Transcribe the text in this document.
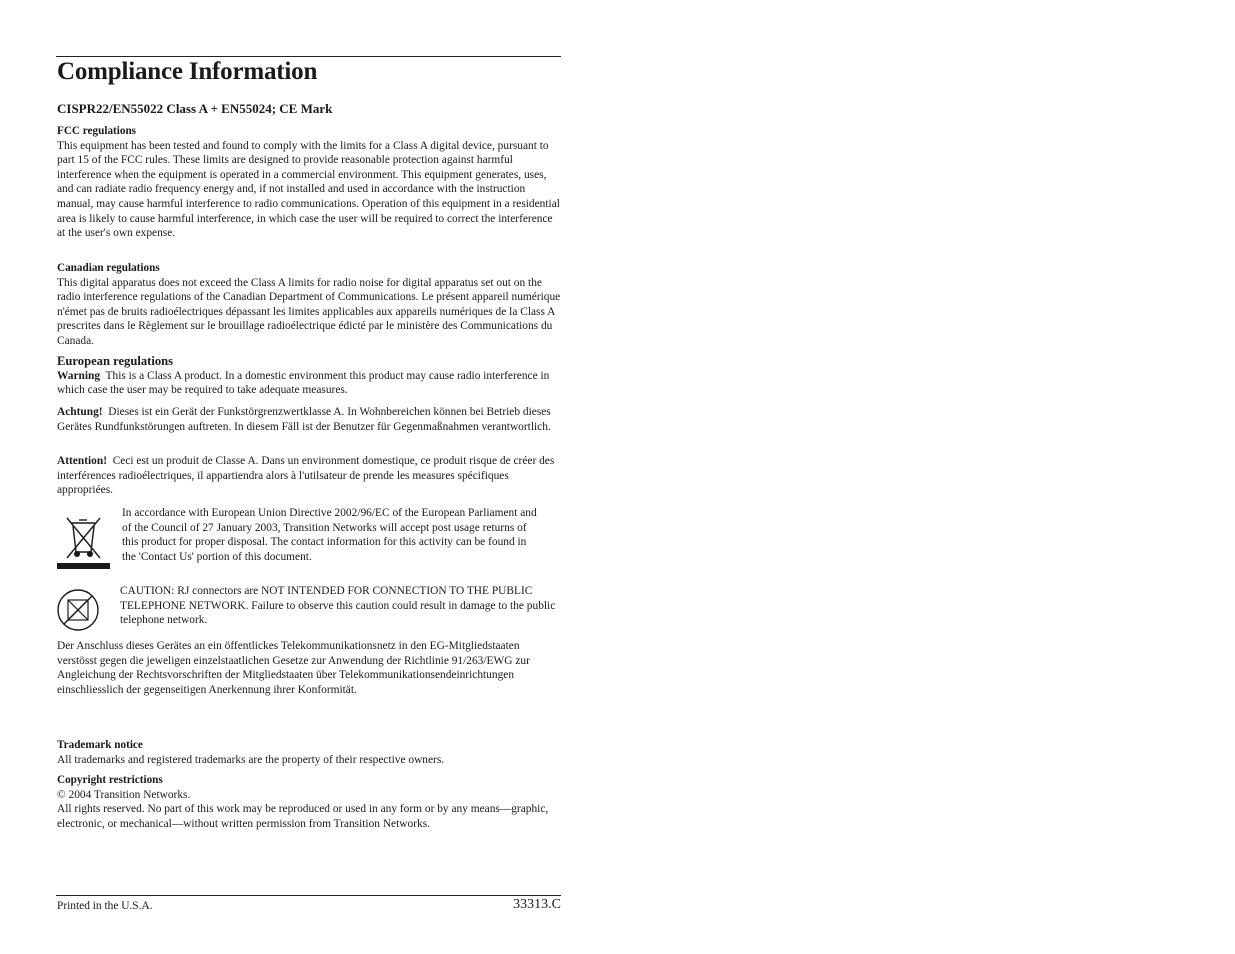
Compliance Information

CISPR22/EN55022 Class A + EN55024; CE Mark

FCC regulations
This equipment has been tested and found to comply with the limits for a Class A digital device, pursuant to part 15 of the FCC rules. These limits are designed to provide reasonable protection against harmful interference when the equipment is operated in a commercial environment. This equipment generates, uses, and can radiate radio frequency energy and, if not installed and used in accordance with the instruction manual, may cause harmful interference to radio communications. Operation of this equipment in a residential area is likely to cause harmful interference, in which case the user will be required to correct the interference at the user's own expense.
Canadian regulations
This digital apparatus does not exceed the Class A limits for radio noise for digital apparatus set out on the radio interference regulations of the Canadian Department of Communications. Le présent appareil numérique n'émet pas de bruits radioélectriques dépassant les limites applicables aux appareils numériques de la Class A prescrites dans le Règlement sur le brouillage radioélectrique édicté par le ministère des Communications du Canada.
European regulations
Warning This is a Class A product. In a domestic environment this product may cause radio interference in which case the user may be required to take adequate measures.
Achtung! Dieses ist ein Gerät der Funkstörgrenzwertklasse A. In Wohnbereichen können bei Betrieb dieses Gerätes Rundfunkstörungen auftreten. In diesem Fäll ist der Benutzer für Gegenmaßnahmen verantwortlich.
Attention! Ceci est un produit de Classe A. Dans un environment domestique, ce produit risque de créer des interférences radioélectriques, il appartiendra alors à l'utilsateur de prende les measures spécifiques appropriées.
In accordance with European Union Directive 2002/96/EC of the European Parliament and of the Council of 27 January 2003, Transition Networks will accept post usage returns of this product for proper disposal. The contact information for this activity can be found in the 'Contact Us' portion of this document.
CAUTION: RJ connectors are NOT INTENDED FOR CONNECTION TO THE PUBLIC TELEPHONE NETWORK. Failure to observe this caution could result in damage to the public telephone network.
Der Anschluss dieses Gerätes an ein öffentlickes Telekommunikationsnetz in den EG-Mitgliedstaaten verstösst gegen die jeweligen einzelstaatlichen Gesetze zur Anwendung der Richtlinie 91/263/EWG zur Angleichung der Rechtsvorschriften der Mitgliedstaaten über Telekommunikationsendeinrichtungen einschliesslich der gegenseitigen Anerkennung ihrer Konformität.
Trademark notice
All trademarks and registered trademarks are the property of their respective owners.
Copyright restrictions
© 2004 Transition Networks.
All rights reserved. No part of this work may be reproduced or used in any form or by any means—graphic, electronic, or mechanical—without written permission from Transition Networks.
Printed in the U.S.A.	33313.C
